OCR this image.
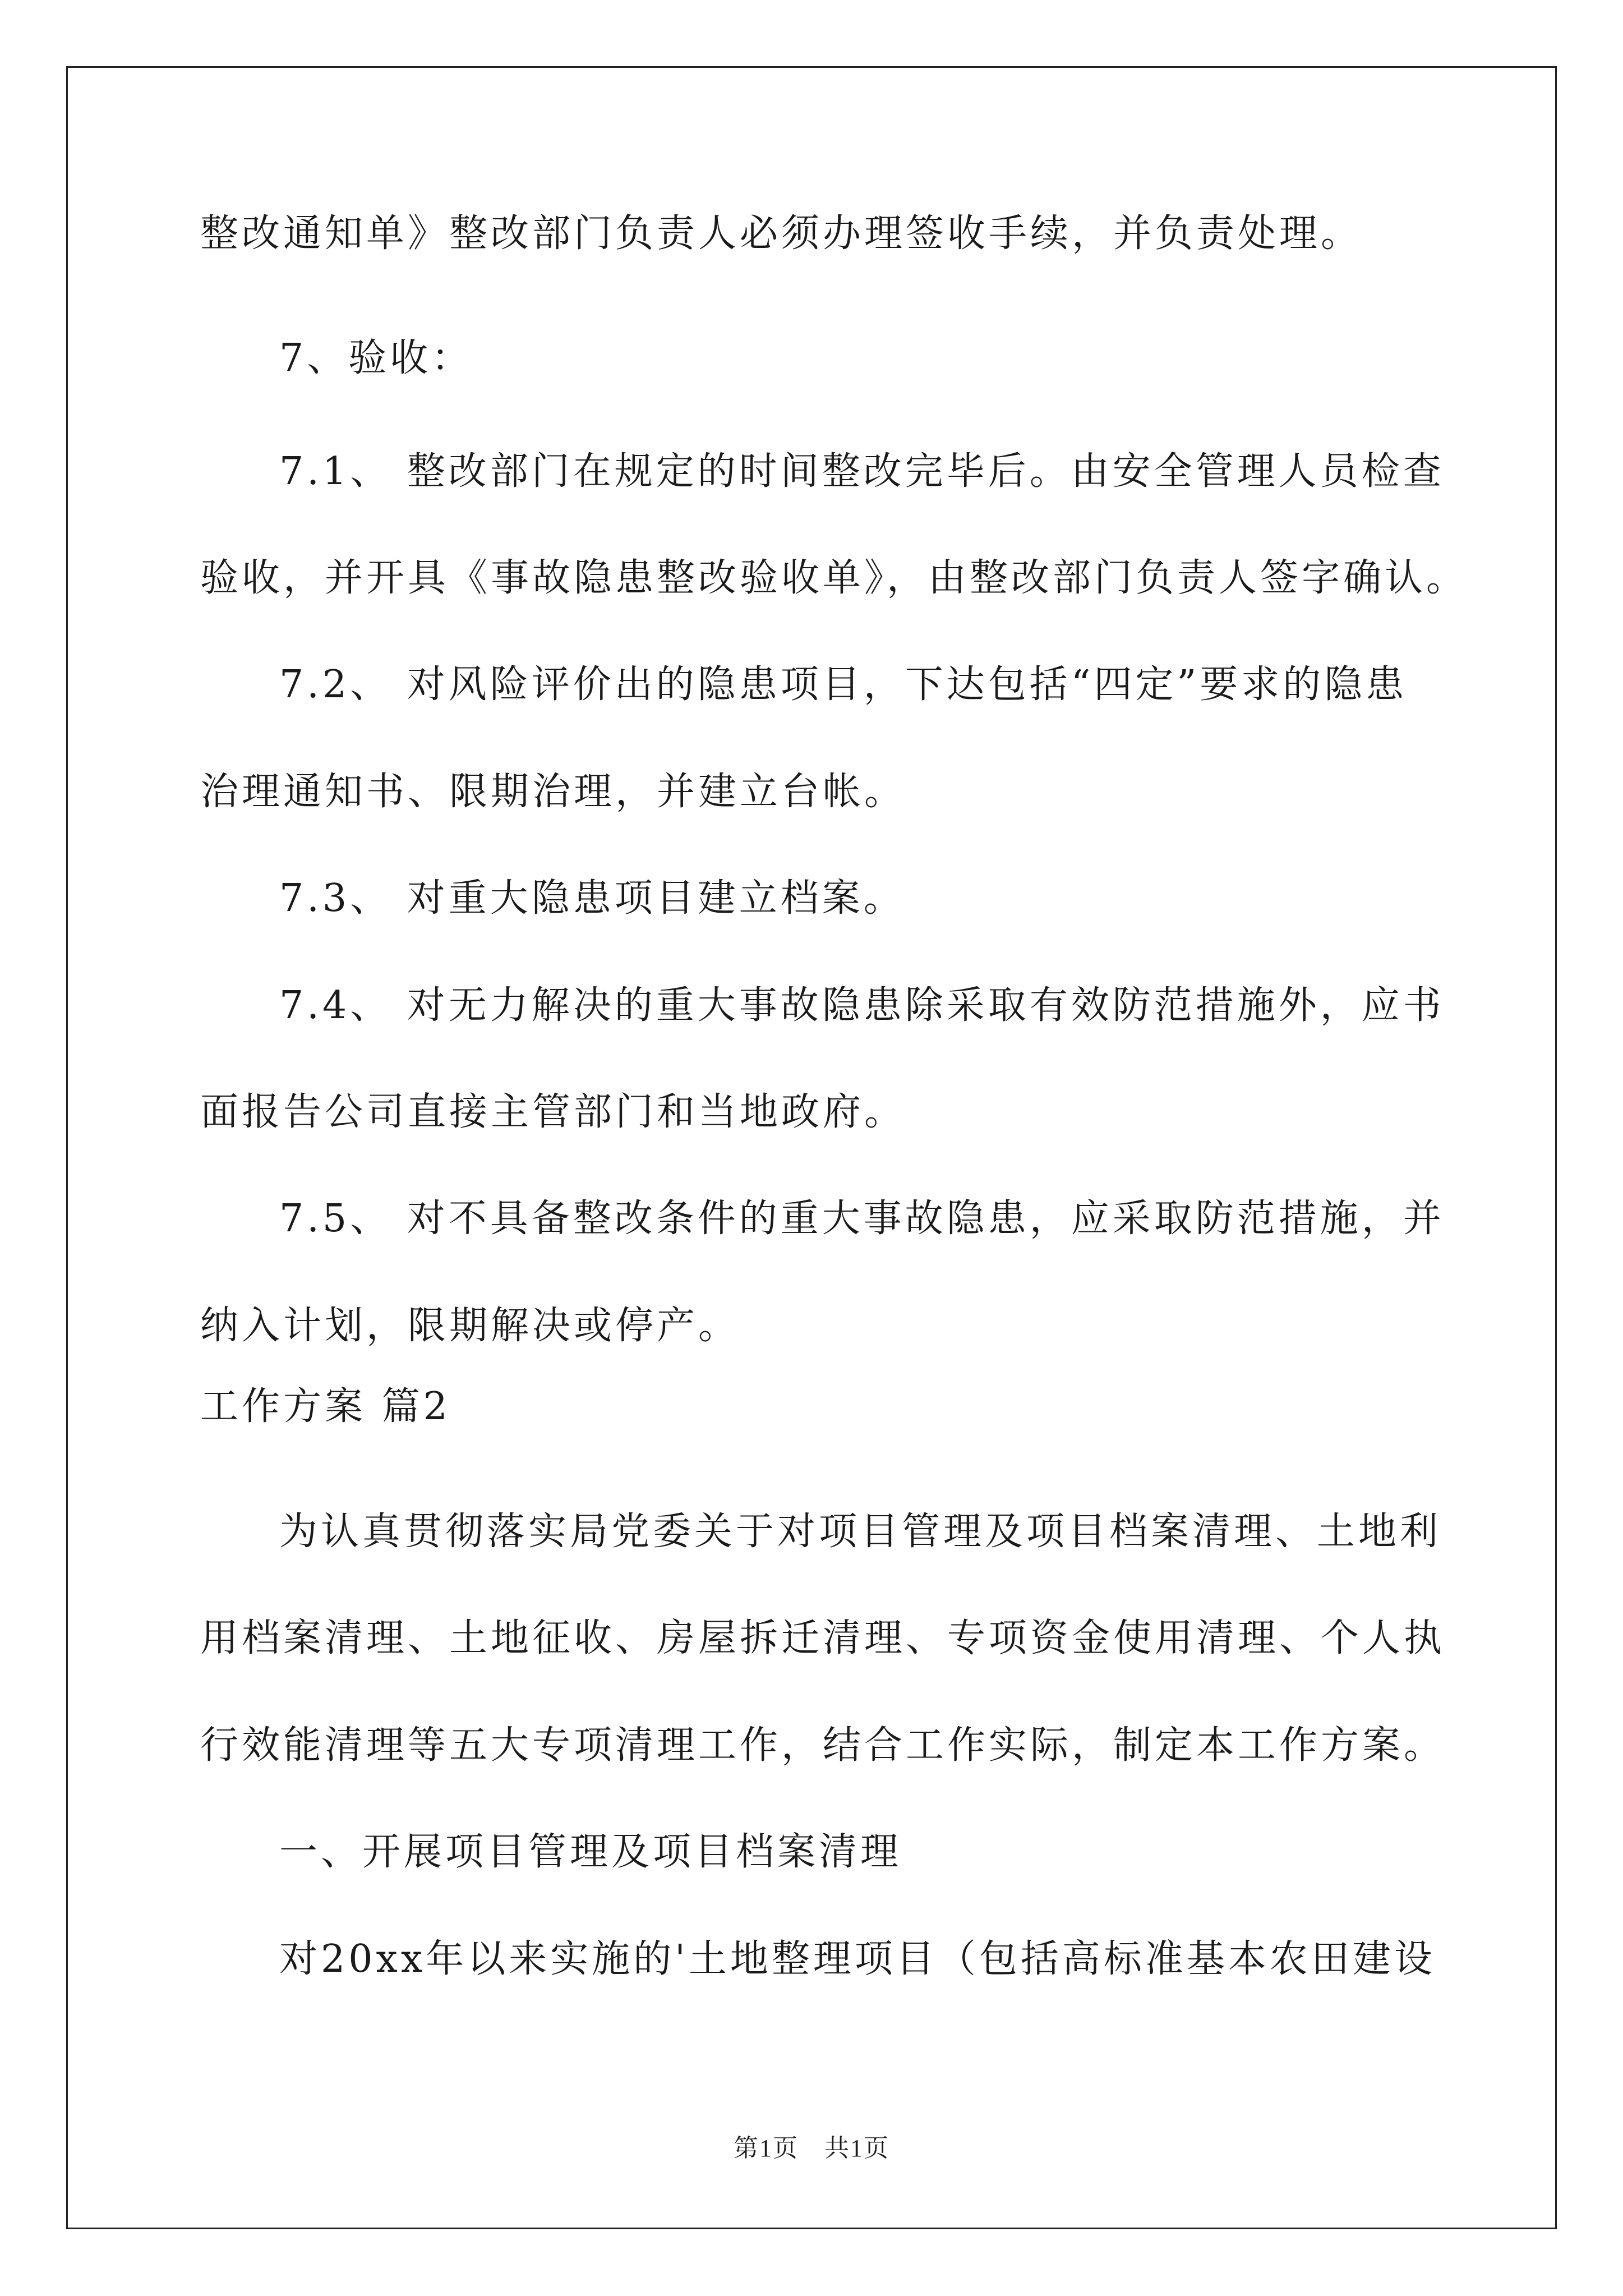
整改通知单》整改部门负责人必须办理签收手续，并负责处理。
7、验收：
7.1、 整改部门在规定的时间整改完毕后。由安全管理人员检查
验收，并开具《事故隐患整改验收单》，由整改部门负责人签字确认。
7.2、 对风险评价出的隐患项目，下达包括“四定”要求的隐患
治理通知书、限期治理，并建立台帐。
7.3、 对重大隐患项目建立档案。
7.4、 对无力解决的重大事故隐患除采取有效防范措施外，应书
面报告公司直接主管部门和当地政府。
7.5、 对不具备整改条件的重大事故隐患，应采取防范措施，并
纳入计划，限期解决或停产。
工作方案 篇2
为认真贯彻落实局党委关于对项目管理及项目档案清理、土地利
用档案清理、土地征收、房屋拆迁清理、专项资金使用清理、个人执
行效能清理等五大专项清理工作，结合工作实际，制定本工作方案。
一、开展项目管理及项目档案清理
对20xx年以来实施的'土地整理项目（包括高标准基本农田建设
第1页　共1页
